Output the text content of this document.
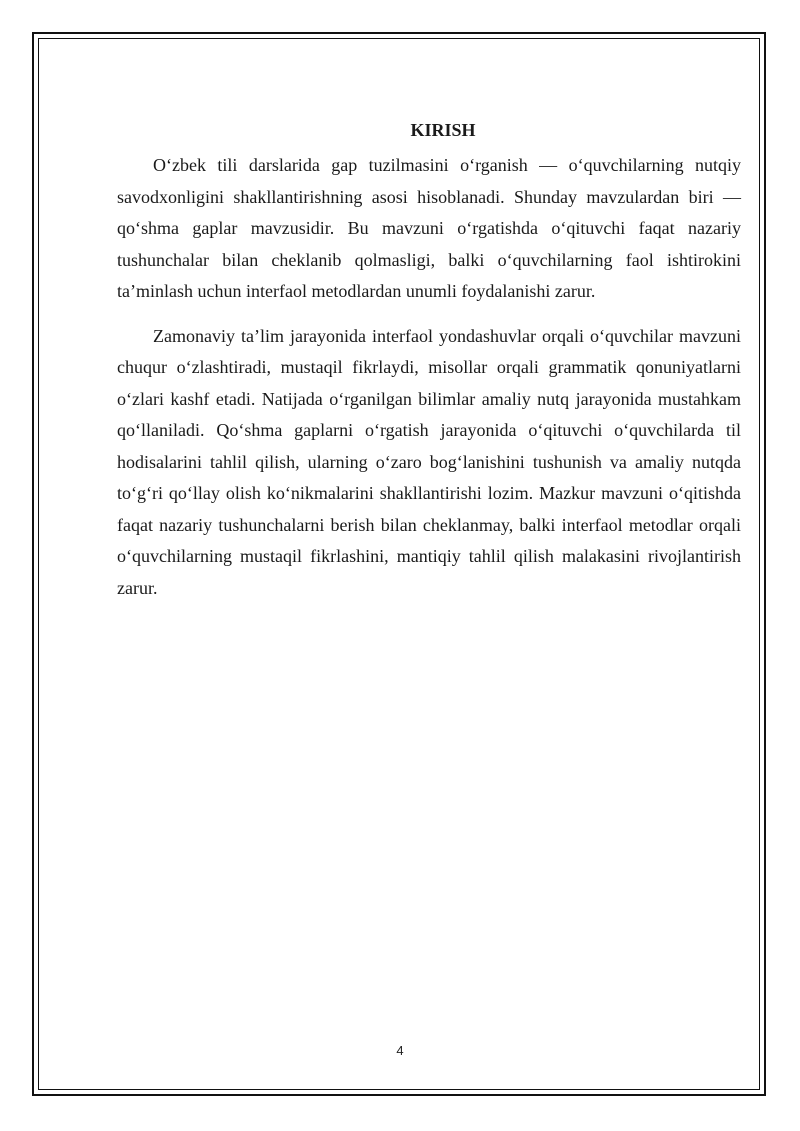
KIRISH

O‘zbek tili darslarida gap tuzilmasini o‘rganish — o‘quvchilarning nutqiy savodxonligini shakllantirishning asosi hisoblanadi. Shunday mavzulardan biri — qo‘shma gaplar mavzusidir. Bu mavzuni o‘rgatishda o‘qituvchi faqat nazariy tushunchalar bilan cheklanib qolmasligi, balki o‘quvchilarning faol ishtirokini ta’minlash uchun interfaol metodlardan unumli foydalanishi zarur.

Zamonaviy ta’lim jarayonida interfaol yondashuvlar orqali o‘quvchilar mavzuni chuqur o‘zlashtiradi, mustaqil fikrlaydi, misollar orqali grammatik qonuniyatlarni o‘zlari kashf etadi. Natijada o‘rganilgan bilimlar amaliy nutq jarayonida mustahkam qo‘llaniladi. Qo‘shma gaplarni o‘rgatish jarayonida o‘qituvchi o‘quvchilarda til hodisalarini tahlil qilish, ularning o‘zaro bog‘lanishini tushunish va amaliy nutqda to‘g‘ri qo‘llay olish ko‘nikmalarini shakllantirishi lozim. Mazkur mavzuni o‘qitishda faqat nazariy tushunchalarni berish bilan cheklanmay, balki interfaol metodlar orqali o‘quvchilarning mustaqil fikrlashini, mantiqiy tahlil qilish malakasini rivojlantirish zarur.

4
